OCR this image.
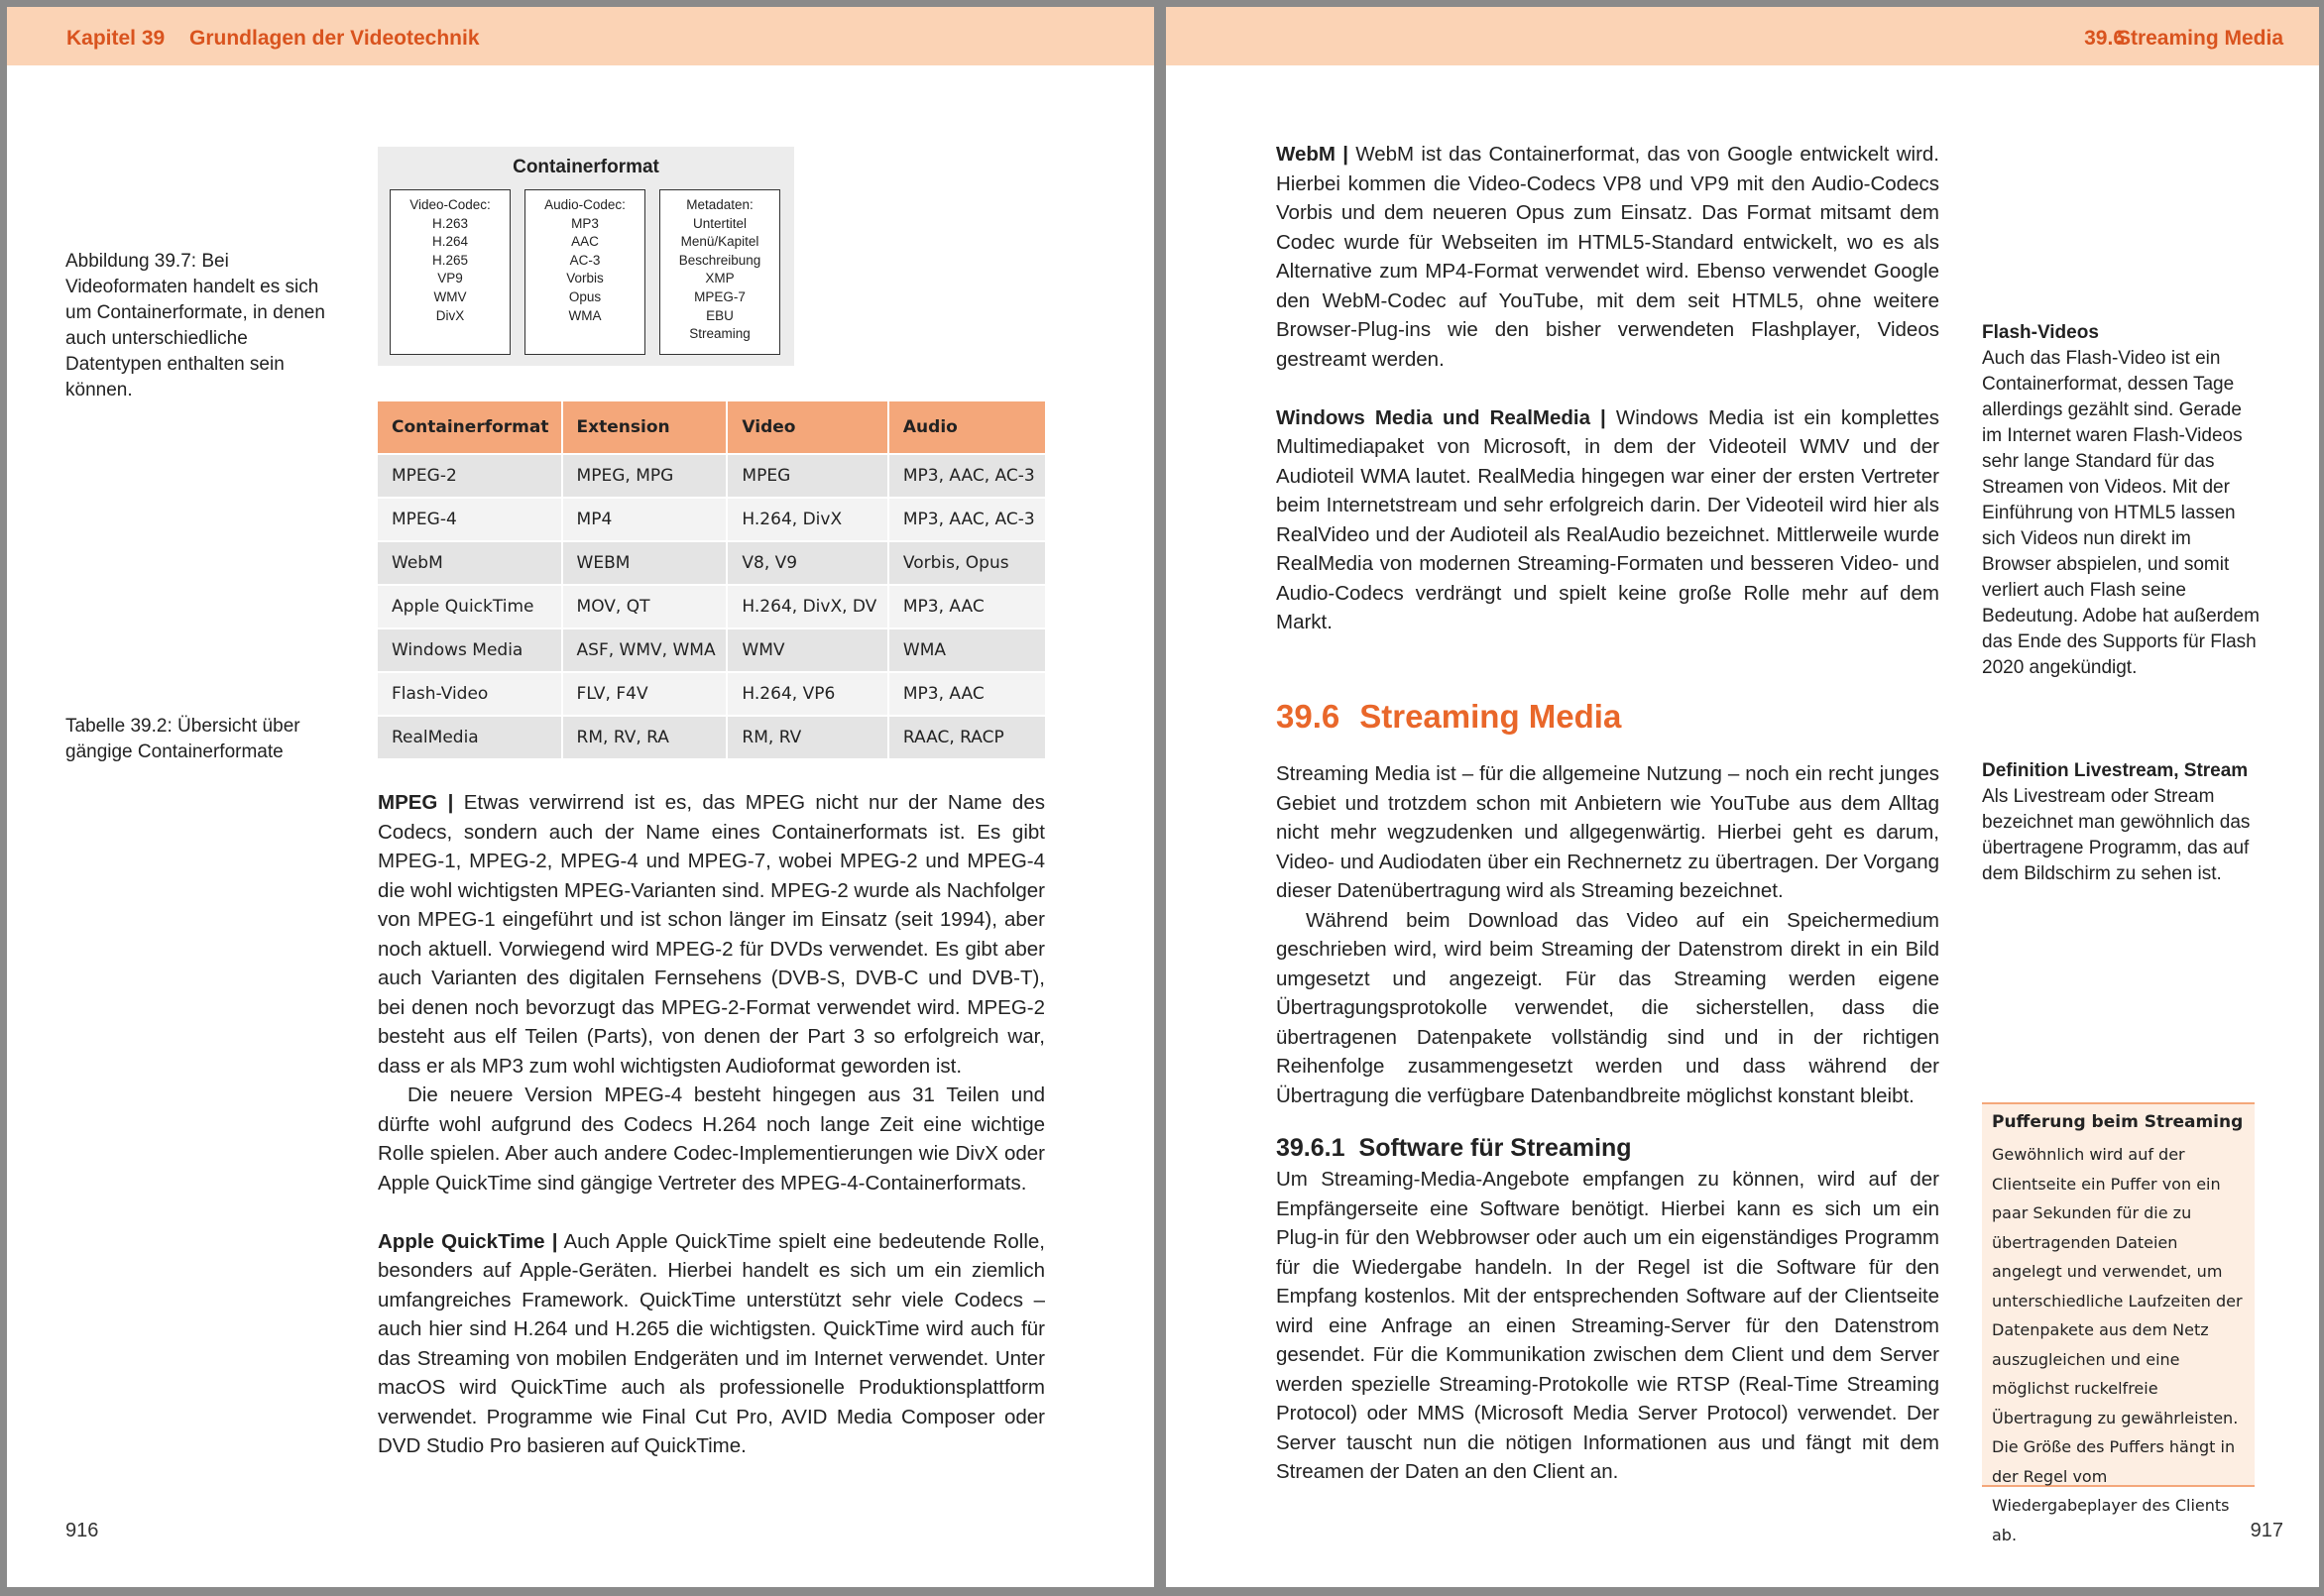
Kapitel 39 Grundlagen der Videotechnik
Abbildung 39.7: Bei Videoformaten handelt es sich um Containerformate, in denen auch unterschiedliche Datentypen enthalten sein können.
Containerformat
Video-Codec:
H.263
H.264
H.265
VP9
WMV
DivX
Audio-Codec:
MP3
AAC
AC-3
Vorbis
Opus
WMA
Metadaten:
Untertitel
Menü/Kapitel
Beschreibung
XMP
MPEG-7
EBU
Streaming
Tabelle 39.2: Übersicht über gängige Containerformate
Containerformat	Extension	Video	Audio
MPEG-2	MPEG, MPG	MPEG	MP3, AAC, AC-3
MPEG-4	MP4	H.264, DivX	MP3, AAC, AC-3
WebM	WEBM	V8, V9	Vorbis, Opus
Apple QuickTime	MOV, QT	H.264, DivX, DV	MP3, AAC
Windows Media	ASF, WMV, WMA	WMV	WMA
Flash-Video	FLV, F4V	H.264, VP6	MP3, AAC
RealMedia	RM, RV, RA	RM, RV	RAAC, RACP

MPEG | Etwas verwirrend ist es, das MPEG nicht nur der Name des Codecs, sondern auch der Name eines Containerformats ist. Es gibt MPEG-1, MPEG-2, MPEG-4 und MPEG-7, wobei MPEG-2 und MPEG-4 die wohl wichtigsten MPEG-Varianten sind. MPEG-2 wurde als Nachfolger von MPEG-1 eingeführt und ist schon länger im Einsatz (seit 1994), aber noch aktuell. Vorwiegend wird MPEG-2 für DVDs verwendet. Es gibt aber auch Varianten des digitalen Fernsehens (DVB-S, DVB-C und DVB-T), bei denen noch bevorzugt das MPEG-2-Format verwendet wird. MPEG-2 besteht aus elf Teilen (Parts), von denen der Part 3 so erfolgreich war, dass er als MP3 zum wohl wichtigsten Audioformat geworden ist.

Die neuere Version MPEG-4 besteht hingegen aus 31 Teilen und dürfte wohl aufgrund des Codecs H.264 noch lange Zeit eine wichtige Rolle spielen. Aber auch andere Codec-Implementierungen wie DivX oder Apple QuickTime sind gängige Vertreter des MPEG-4-Containerformats.

Apple QuickTime | Auch Apple QuickTime spielt eine bedeutende Rolle, besonders auf Apple-Geräten. Hierbei handelt es sich um ein ziemlich umfangreiches Framework. QuickTime unterstützt sehr viele Codecs – auch hier sind H.264 und H.265 die wichtigsten. QuickTime wird auch für das Streaming von mobilen Endgeräten und im Internet verwendet. Unter macOS wird QuickTime auch als professionelle Produktionsplattform verwendet. Programme wie Final Cut Pro, AVID Media Composer oder DVD Studio Pro basieren auf QuickTime.

916
39.6
Streaming Media

WebM | WebM ist das Containerformat, das von Google entwickelt wird. Hierbei kommen die Video-Codecs VP8 und VP9 mit den Audio-Codecs Vorbis und dem neueren Opus zum Einsatz. Das Format mitsamt dem Codec wurde für Webseiten im HTML5-Standard entwickelt, wo es als Alternative zum MP4-Format verwendet wird. Ebenso verwendet Google den WebM-Codec auf YouTube, mit dem seit HTML5, ohne weitere Browser-Plug-ins wie den bisher verwendeten Flashplayer, Videos gestreamt werden.

Windows Media und RealMedia | Windows Media ist ein komplettes Multimediapaket von Microsoft, in dem der Videoteil WMV und der Audioteil WMA lautet. RealMedia hingegen war einer der ersten Vertreter beim Internetstream und sehr erfolgreich darin. Der Videoteil wird hier als RealVideo und der Audioteil als RealAudio bezeichnet. Mittlerweile wurde RealMedia von modernen Streaming-Formaten und besseren Video- und Audio-Codecs verdrängt und spielt keine große Rolle mehr auf dem Markt.

Flash-Videos
Auch das Flash-Video ist ein Containerformat, dessen Tage allerdings gezählt sind. Gerade im Internet waren Flash-Videos sehr lange Standard für das Streamen von Videos. Mit der Einführung von HTML5 lassen sich Videos nun direkt im Browser abspielen, und somit verliert auch Flash seine Bedeutung. Adobe hat außerdem das Ende des Supports für Flash 2020 angekündigt.
39.6 Streaming Media

Streaming Media ist – für die allgemeine Nutzung – noch ein recht junges Gebiet und trotzdem schon mit Anbietern wie YouTube aus dem Alltag nicht mehr wegzudenken und allgegenwärtig. Hierbei geht es darum, Video- und Audiodaten über ein Rechnernetz zu übertragen. Der Vorgang dieser Datenübertragung wird als Streaming bezeichnet.

Während beim Download das Video auf ein Speichermedium geschrieben wird, wird beim Streaming der Datenstrom direkt in ein Bild umgesetzt und angezeigt. Für das Streaming werden eigene Übertragungsprotokolle verwendet, die sicherstellen, dass die übertragenen Datenpakete vollständig sind und in der richtigen Reihenfolge zusammengesetzt werden und dass während der Übertragung die verfügbare Datenbandbreite möglichst konstant bleibt.

Definition Livestream, Stream
Als Livestream oder Stream bezeichnet man gewöhnlich das übertragene Programm, das auf dem Bildschirm zu sehen ist.
39.6.1 Software für Streaming

Um Streaming-Media-Angebote empfangen zu können, wird auf der Empfängerseite eine Software benötigt. Hierbei kann es sich um ein Plug-in für den Webbrowser oder auch um ein eigenständiges Programm für die Wiedergabe handeln. In der Regel ist die Software für den Empfang kostenlos. Mit der entsprechenden Software auf der Clientseite wird eine Anfrage an einen Streaming-Server für den Datenstrom gesendet. Für die Kommunikation zwischen dem Client und dem Server werden spezielle Streaming-Protokolle wie RTSP (Real-Time Streaming Protocol) oder MMS (Microsoft Media Server Protocol) verwendet. Der Server tauscht nun die nötigen Informationen aus und fängt mit dem Streamen der Daten an den Client an.

Pufferung beim Streaming
Gewöhnlich wird auf der Clientseite ein Puffer von ein paar Sekunden für die zu übertragenden Dateien angelegt und verwendet, um unterschiedliche Laufzeiten der Datenpakete aus dem Netz auszugleichen und eine möglichst ruckelfreie Übertragung zu gewährleisten. Die Größe des Puffers hängt in der Regel vom Wiedergabeplayer des Clients ab.	917
